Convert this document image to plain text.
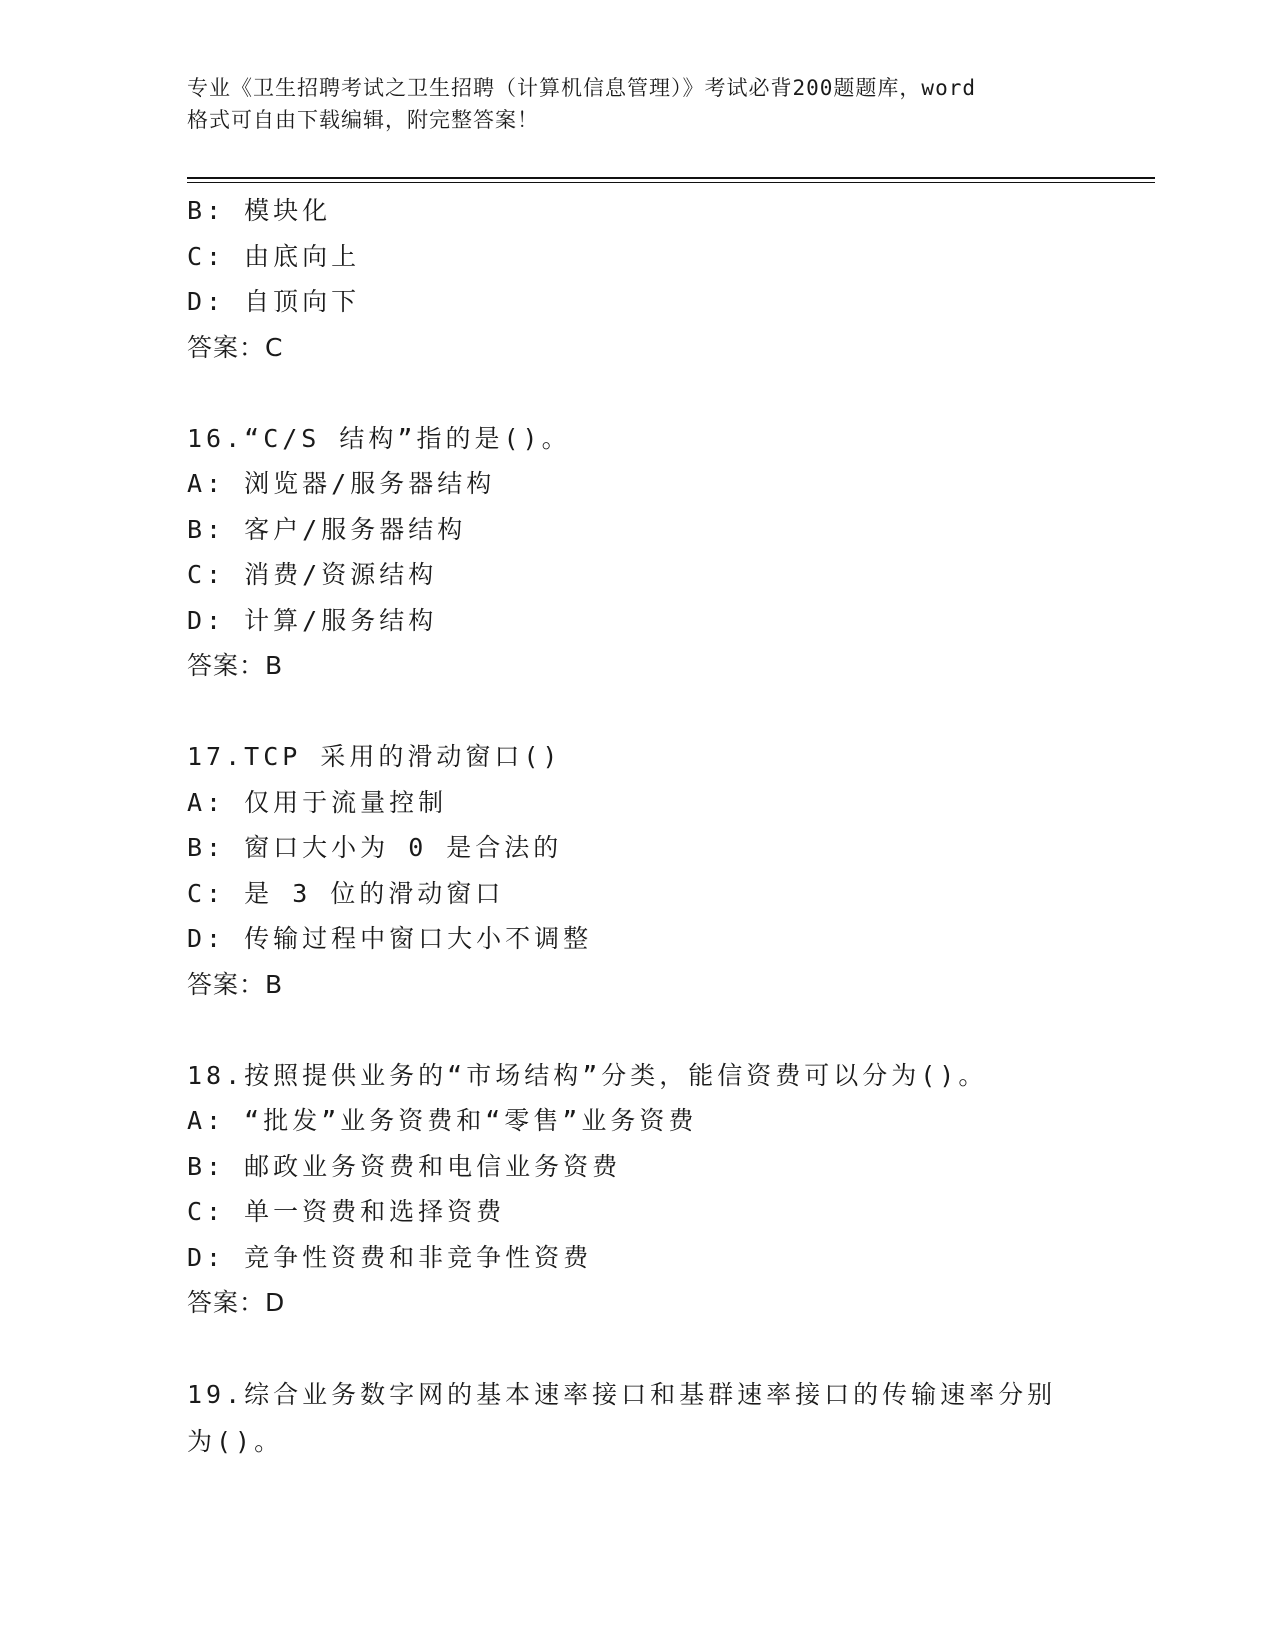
专业《卫生招聘考试之卫生招聘（计算机信息管理）》考试必背200题题库，word
格式可自由下载编辑，附完整答案！
B: 模块化
C: 由底向上
D: 自顶向下
答案：C
16.“C/S 结构”指的是()。
A: 浏览器/服务器结构
B: 客户/服务器结构
C: 消费/资源结构
D: 计算/服务结构
答案：B
17.TCP 采用的滑动窗口()
A: 仅用于流量控制
B: 窗口大小为 0 是合法的
C: 是 3 位的滑动窗口
D: 传输过程中窗口大小不调整
答案：B
18.按照提供业务的“市场结构”分类，能信资费可以分为()。
A: “批发”业务资费和“零售”业务资费
B: 邮政业务资费和电信业务资费
C: 单一资费和选择资费
D: 竞争性资费和非竞争性资费
答案：D
19.综合业务数字网的基本速率接口和基群速率接口的传输速率分别为()。
